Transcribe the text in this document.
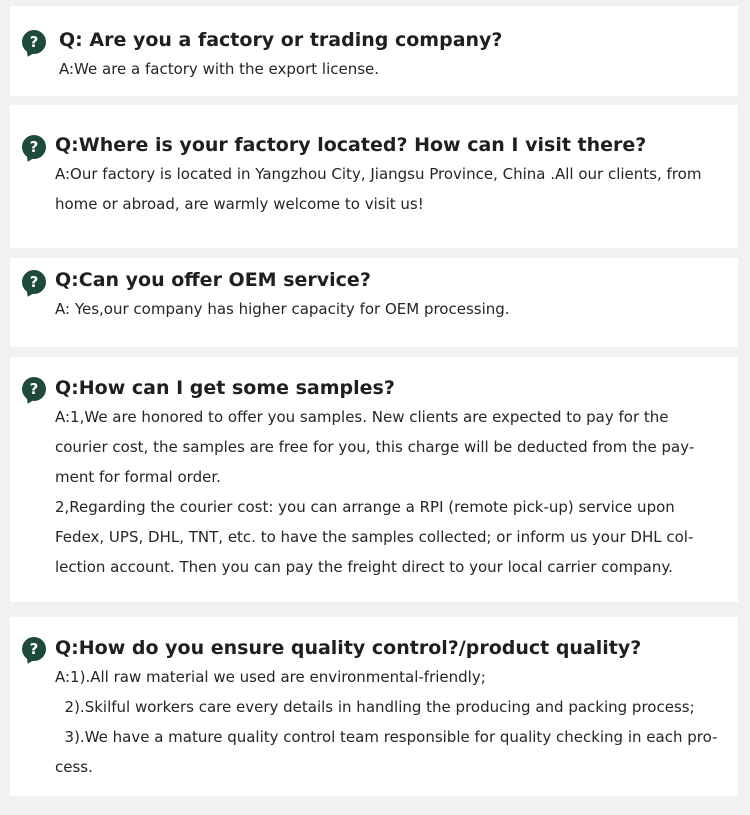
?	Q: Are you a factory or trading company?

A:We are a factory with the export license.

? Q:Where is your factory located? How can I visit there?

A:Our factory is located in Yangzhou City, Jiangsu Province, China .All our clients, from

home or abroad, are warmly welcome to visit us!

? Q:Can you offer OEM service?

A: Yes,our company has higher capacity for OEM processing.

? Q:How can I get some samples?

A:1,We are honored to offer you samples. New clients are expected to pay for the

courier cost, the samples are free for you, this charge will be deducted from the pay-

ment for formal order.

2,Regarding the courier cost: you can arrange a RPI (remote pick-up) service upon

Fedex, UPS, DHL, TNT, etc. to have the samples collected; or inform us your DHL col-

lection account. Then you can pay the freight direct to your local carrier company.

? Q:How do you ensure quality control?/product quality?

A:1).All raw material we used are environmental-friendly;

2).Skilful workers care every details in handling the producing and packing process;

3).We have a mature quality control team responsible for quality checking in each pro-

cess.
